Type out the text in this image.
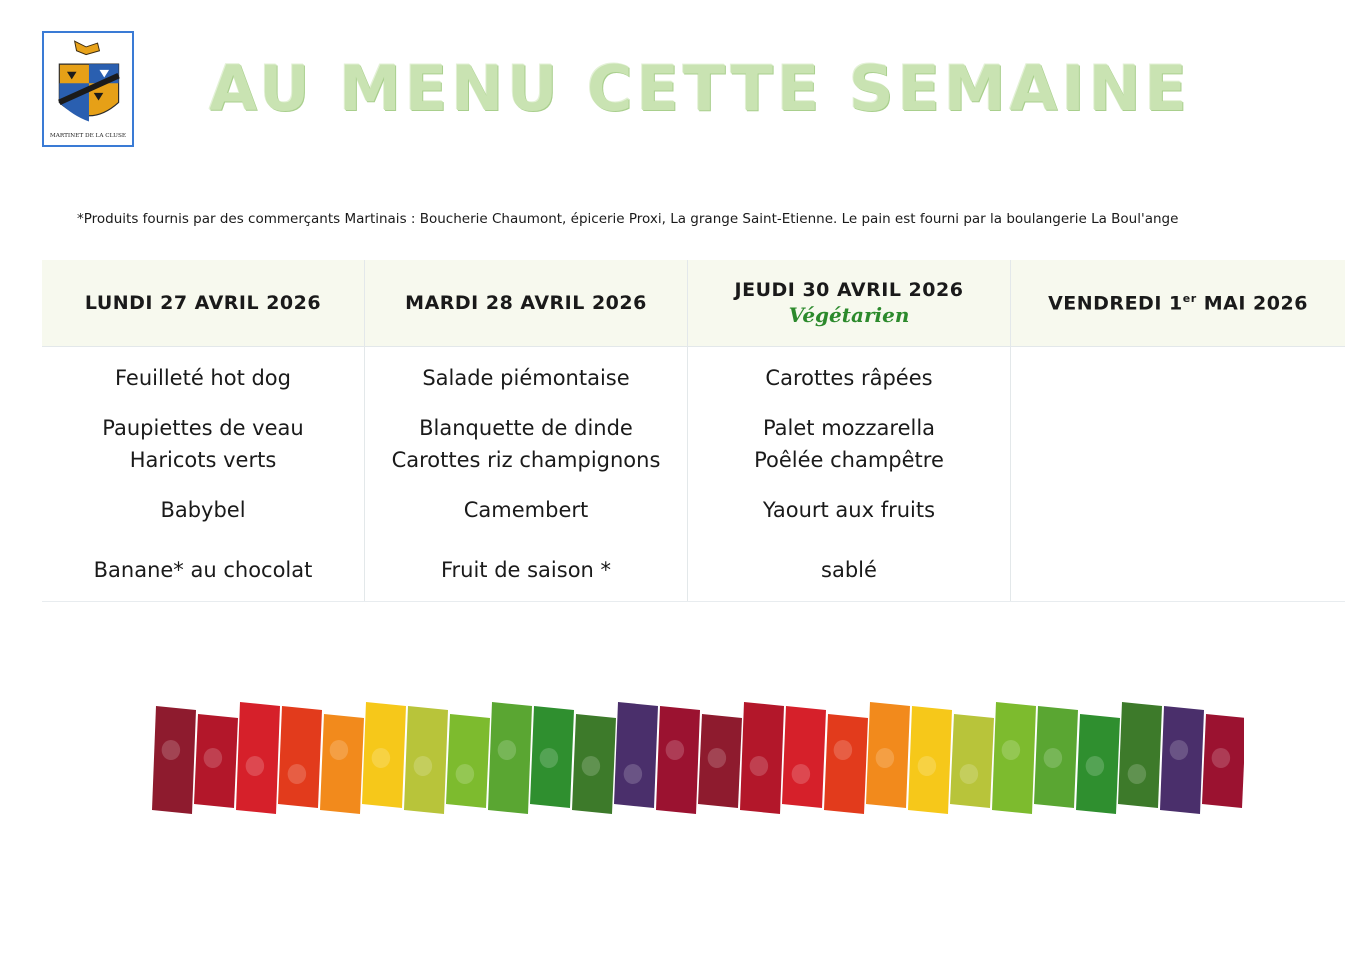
MARTINET DE LA CLUSE
AU MENU CETTE SEMAINE
*Produits fournis par des commerçants Martinais : Boucherie Chaumont, épicerie Proxi, La grange Saint-Etienne. Le pain est fourni par la boulangerie La Boul'ange
LUNDI 27 AVRIL 2026
Feuilleté hot dog
Paupiettes de veau
Haricots verts
Babybel
Banane* au chocolat
MARDI 28 AVRIL 2026
Salade piémontaise
Blanquette de dinde
Carottes riz champignons
Camembert
Fruit de saison *
JEUDI 30 AVRIL 2026
Végétarien
Carottes râpées
Palet mozzarella
Poêlée champêtre
Yaourt aux fruits
sablé
VENDREDI 1er MAI 2026
